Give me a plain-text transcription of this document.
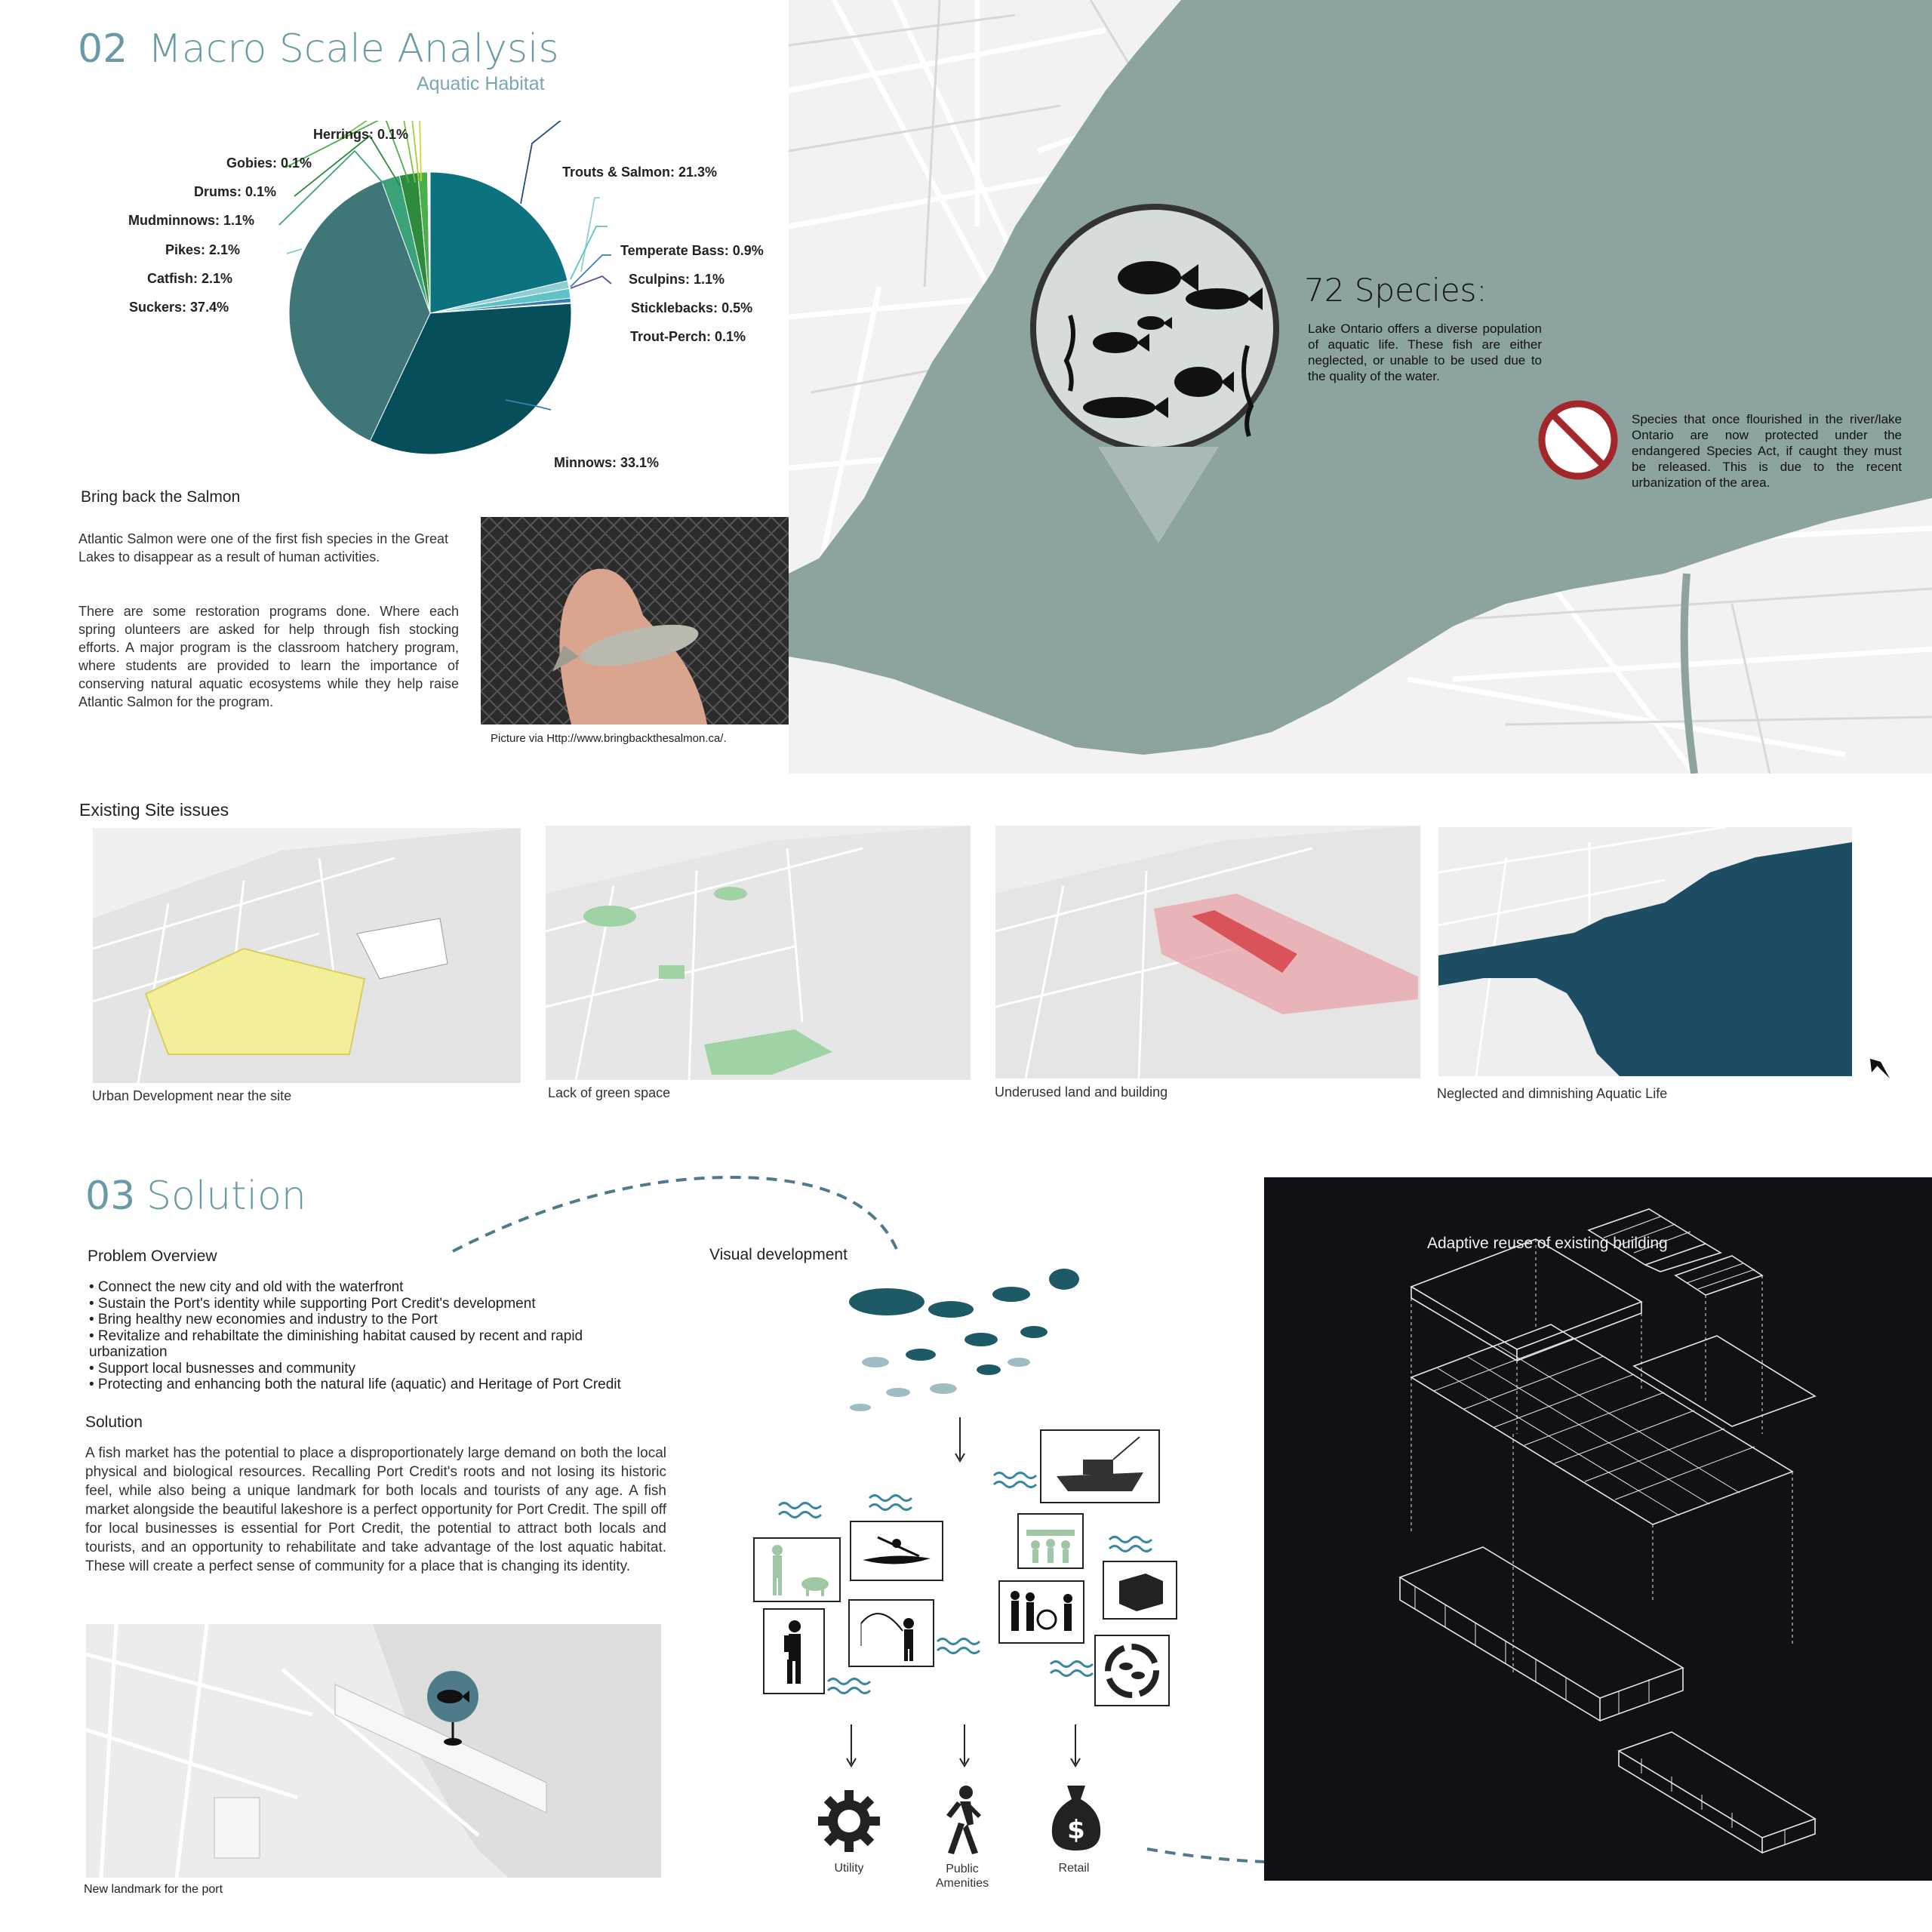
02 Macro Scale Analysis
Aquatic Habitat
72 Species:
Lake Ontario offers a diverse population of aquatic life. These fish are either neglected, or unable to be used due to the quality of the water.
Species that once flourished in the river/lake Ontario are now protected under the endangered Species Act, if caught they must be released. This is due to the recent urbanization of the area.
Herrings: 0.1%
Gobies: 0.1%
Drums: 0.1%
Mudminnows: 1.1%
Pikes: 2.1%
Catfish: 2.1%
Suckers: 37.4%
Trouts & Salmon: 21.3%
Temperate Bass: 0.9%
Sculpins: 1.1%
Sticklebacks: 0.5%
Trout-Perch: 0.1%
Minnows: 33.1%
Bring back the Salmon
Atlantic Salmon were one of the first fish species in the Great Lakes to disappear as a result of human activities.
There are some restoration programs done. Where each spring olunteers are asked for help through fish stocking efforts. A major program is the classroom hatchery program, where students are provided to learn the importance of conserving natural aquatic ecosystems while they help raise Atlantic Salmon for the program.
Picture via Http://www.bringbackthesalmon.ca/.
Existing Site issues
Urban Development near the site	Lack of green space	Underused land and building	Neglected and dimnishing Aquatic Life
03 Solution
Problem Overview
• Connect the new city and old with the waterfront
• Sustain the Port's identity while supporting Port Credit's development
• Bring healthy new economies and industry to the Port
• Revitalize and rehabiltate the diminishing habitat caused by recent and rapid urbanization
• Support local busnesses and community
• Protecting and enhancing both the natural life (aquatic) and Heritage of Port Credit
Solution
A fish market has the potential to place a disproportionately large demand on both the local physical and biological resources. Recalling Port Credit's roots and not losing its historic feel, while also being a unique landmark for both locals and tourists of any age. A fish market alongside the beautiful lakeshore is a perfect opportunity for Port Credit. The spill off for local businesses is essential for Port Credit, the potential to attract both locals and tourists, and an opportunity to rehabilitate and take advantage of the lost aquatic habitat. These will create a perfect sense of community for a place that is changing its identity.
New landmark for the port
Visual development
$
Utility	Public Amenities
Retail
Adaptive reuse of existing building
